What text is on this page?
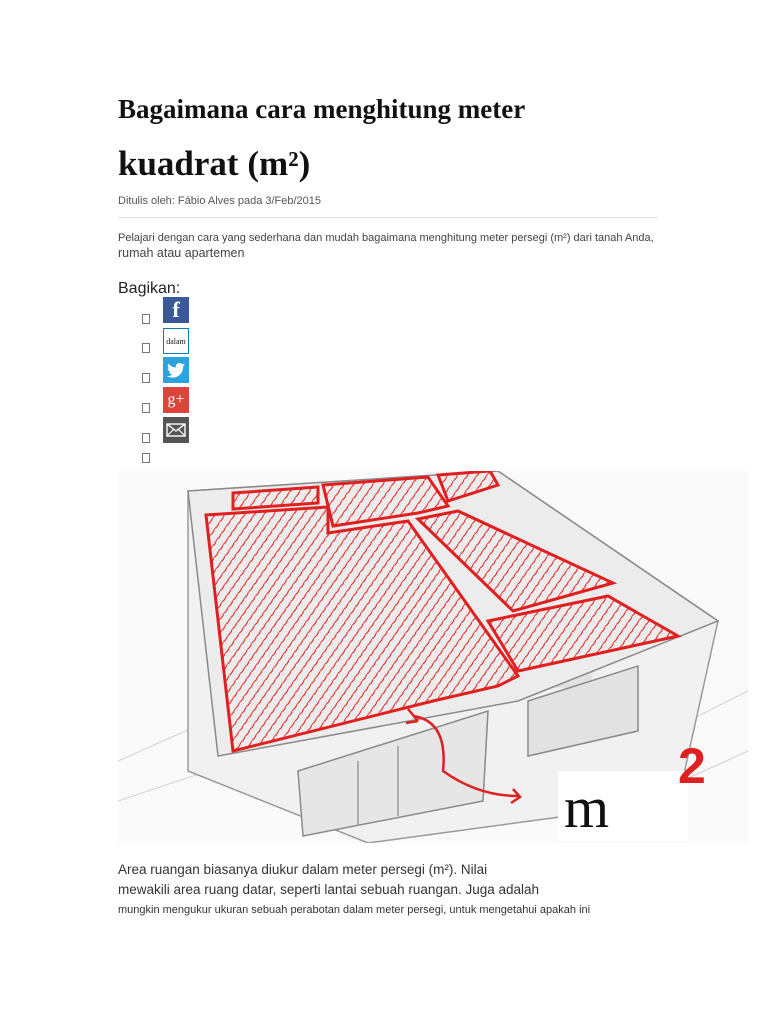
Bagaimana cara menghitung meter
kuadrat (m²)
Ditulis oleh: Fábio Alves pada 3/Feb/2015
Pelajari dengan cara yang sederhana dan mudah bagaimana menghitung meter persegi (m²) dari tanah Anda,
rumah atau apartemen
Bagikan:
f
dalam
g+
m
2
Area ruangan biasanya diukur dalam meter persegi (m²). Nilai
mewakili area ruang datar, seperti lantai sebuah ruangan. Juga adalah
mungkin mengukur ukuran sebuah perabotan dalam meter persegi, untuk mengetahui apakah ini
